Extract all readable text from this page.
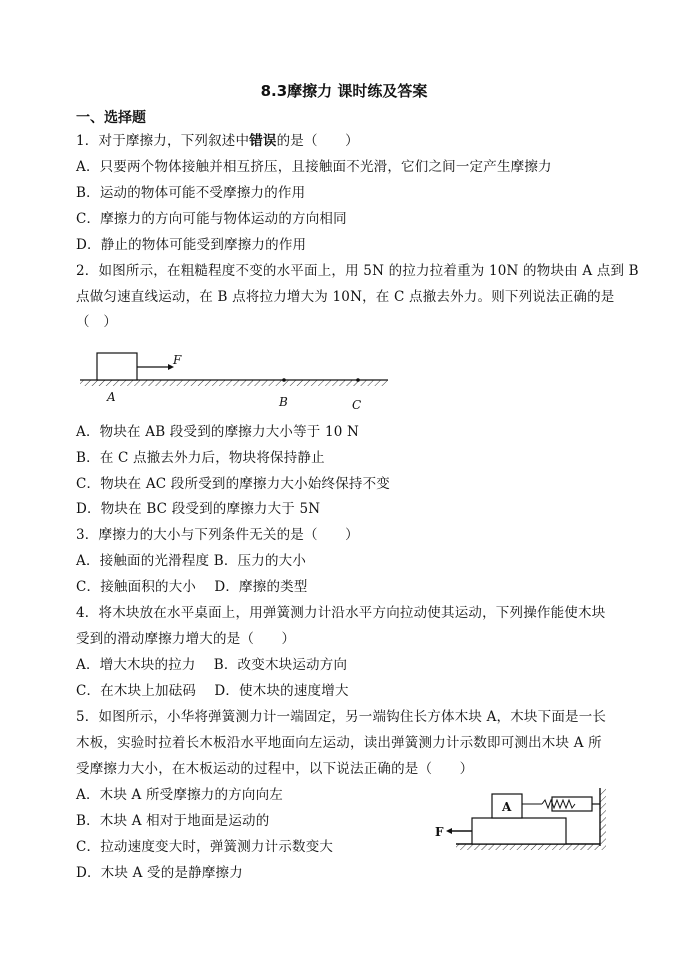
8.3摩擦力 课时练及答案
一、选择题
1．对于摩擦力，下列叙述中错误的是（　　）
A．只要两个物体接触并相互挤压，且接触面不光滑，它们之间一定产生摩擦力
B．运动的物体可能不受摩擦力的作用
C．摩擦力的方向可能与物体运动的方向相同
D．静止的物体可能受到摩擦力的作用
2．如图所示，在粗糙程度不变的水平面上，用 5N 的拉力拉着重为 10N 的物块由 A 点到 B
点做匀速直线运动，在 B 点将拉力增大为 10N，在 C 点撤去外力。则下列说法正确的是
（　）
F
A	B	C
A．物块在 AB 段受到的摩擦力大小等于 10 N
B．在 C 点撤去外力后，物块将保持静止
C．物块在 AC 段所受到的摩擦力大小始终保持不变
D．物块在 BC 段受到的摩擦力大于 5N
3．摩擦力的大小与下列条件无关的是（　　）
A．接触面的光滑程度 B．压力的大小
C．接触面积的大小　 D．摩擦的类型
4．将木块放在水平桌面上，用弹簧测力计沿水平方向拉动使其运动，下列操作能使木块
受到的滑动摩擦力增大的是（　　）
A．增大木块的拉力　 B．改变木块运动方向
C．在木块上加砝码　 D．使木块的速度增大
5．如图所示，小华将弹簧测力计一端固定，另一端钩住长方体木块 A，木块下面是一长
木板，实验时拉着长木板沿水平地面向左运动，读出弹簧测力计示数即可测出木块 A 所
受摩擦力大小，在木板运动的过程中，以下说法正确的是（　　）
A．木块 A 所受摩擦力的方向向左
B．木块 A 相对于地面是运动的
C．拉动速度变大时，弹簧测力计示数变大
D．木块 A 受的是静摩擦力
A
F
